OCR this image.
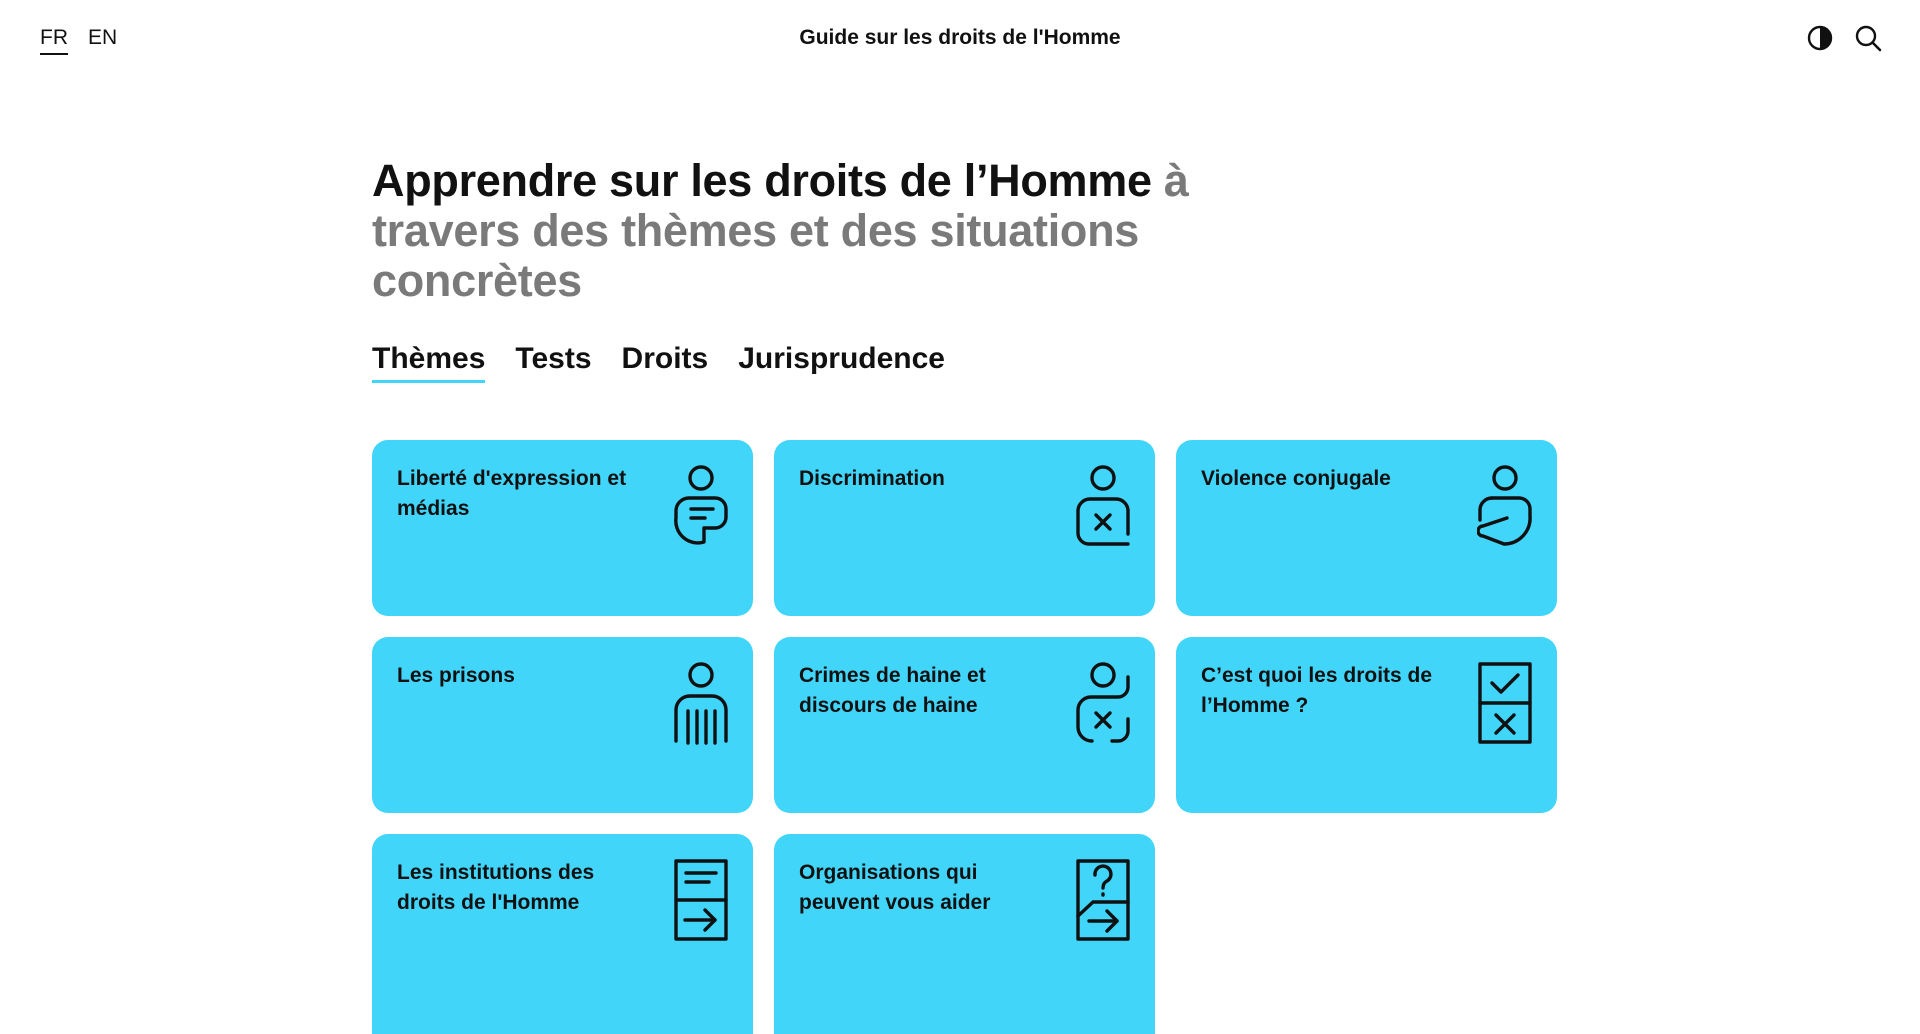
FR EN	Guide sur les droits de l'Homme
Apprendre sur les droits de l’Homme à travers des thèmes et des situations concrètes
Thèmes Tests Droits Jurisprudence
Liberté d'expression et médias
Discrimination	Violence conjugale
Les prisons	Crimes de haine et discours de haine
C’est quoi les droits de l’Homme ?
Les institutions des droits de l'Homme
Organisations qui peuvent vous aider
